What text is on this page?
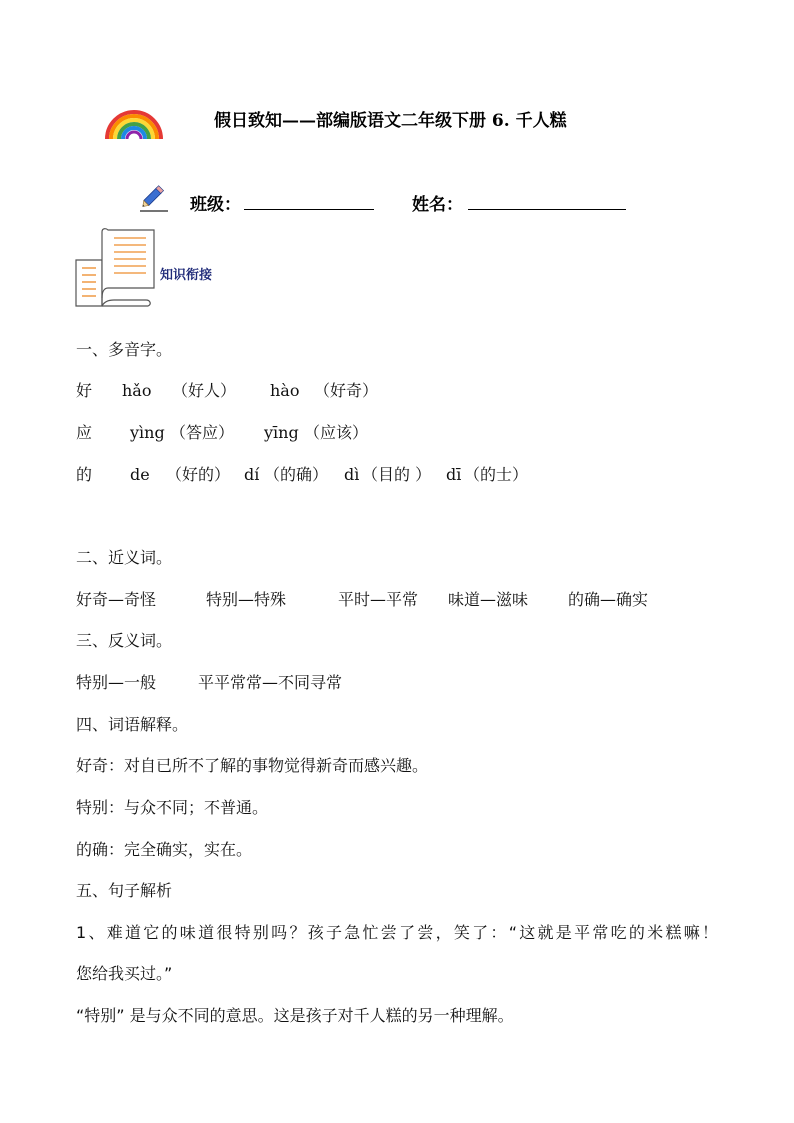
假日致知——部编版语文二年级下册 6. 千人糕
班级：	姓名：
知识衔接
一、多音字。
好 hǎo （好人） hào （好奇）
应 yìng （答应） yīng （应该）
的 de （好的） dí （的确） dì （目的 ） dī （的士）
二、近义词。
好奇—奇怪	特别—特殊	平时—平常 味道—滋味 的确—确实
三、反义词。
特别—一般	平平常常—不同寻常
四、词语解释。
好奇：对自已所不了解的事物觉得新奇而感兴趣。
特别：与众不同；不普通。
的确：完全确实，实在。
五、句子解析
1、难道它的味道很特别吗？孩子急忙尝了尝，笑了：“这就是平常吃的米糕嘛！
您给我买过。”
“特别” 是与众不同的意思。这是孩子对千人糕的另一种理解。
